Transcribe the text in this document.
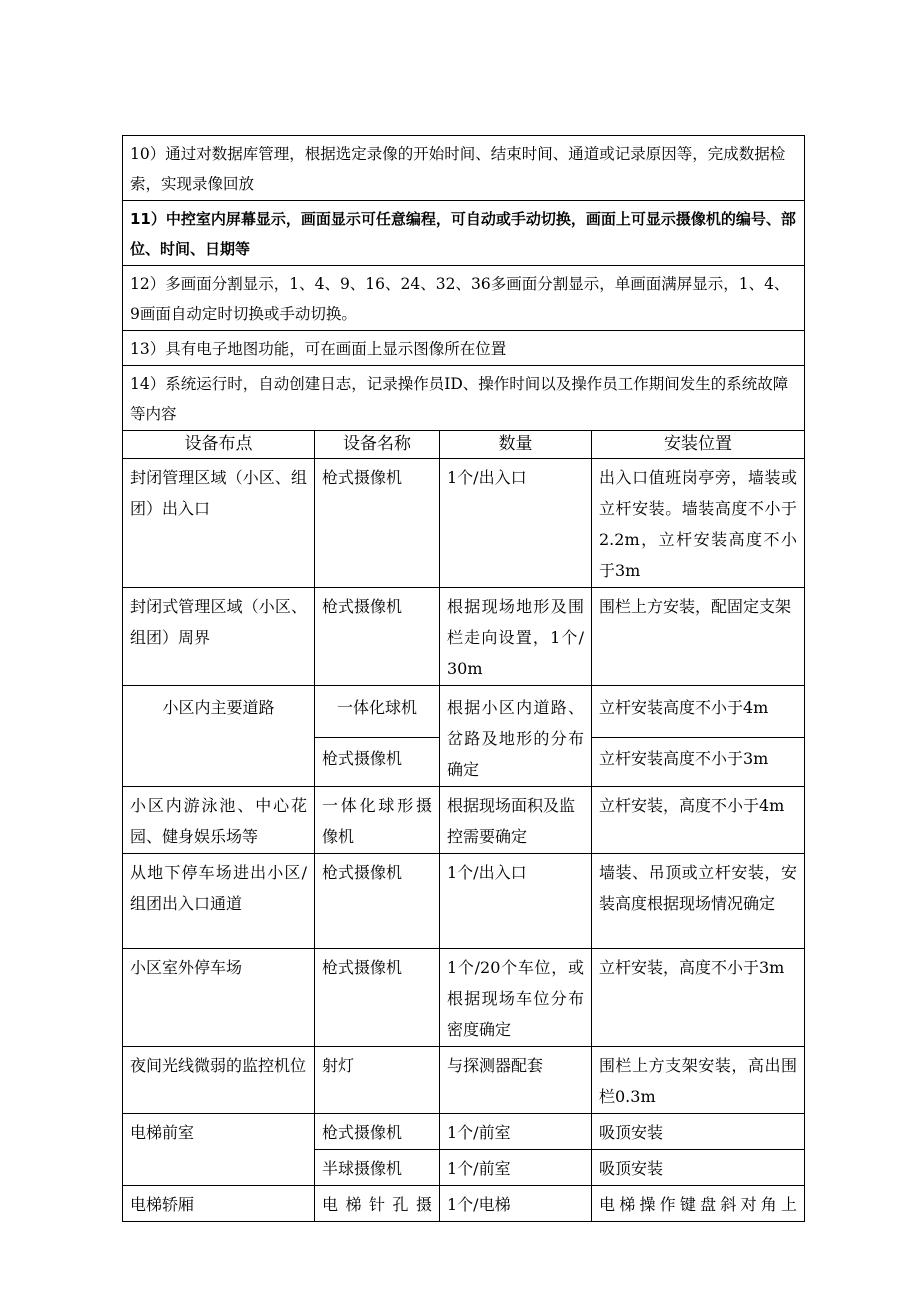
10）通过对数据库管理，根据选定录像的开始时间、结束时间、通道或记录原因等，完成数据检索，实现录像回放			
11）中控室内屏幕显示，画面显示可任意编程，可自动或手动切换，画面上可显示摄像机的编号、部位、时间、日期等			
12）多画面分割显示，1、4、9、16、24、32、36多画面分割显示，单画面满屏显示，1、4、9画面自动定时切换或手动切换。			
13）具有电子地图功能，可在画面上显示图像所在位置			
14）系统运行时，自动创建日志，记录操作员ID、操作时间以及操作员工作期间发生的系统故障等内容			
设备布点	设备名称	数量	安装位置
封闭管理区域（小区、组团）出入口	枪式摄像机	1个/出入口	出入口值班岗亭旁，墙装或立杆安装。墙装高度不小于2.2m，立杆安装高度不小于3m
封闭式管理区域（小区、组团）周界	枪式摄像机	根据现场地形及围栏走向设置，1个/30m	围栏上方安装，配固定支架
小区内主要道路	一体化球机	根据小区内道路、岔路及地形的分布确定	立杆安装高度不小于4m
	枪式摄像机		立杆安装高度不小于3m
小区内游泳池、中心花园、健身娱乐场等	一体化球形摄像机	根据现场面积及监控需要确定	立杆安装，高度不小于4m
从地下停车场进出小区/组团出入口通道	枪式摄像机	1个/出入口	墙装、吊顶或立杆安装，安装高度根据现场情况确定
小区室外停车场	枪式摄像机	1个/20个车位，或根据现场车位分布密度确定	立杆安装，高度不小于3m
夜间光线微弱的监控机位	射灯	与探测器配套	围栏上方支架安装，高出围栏0.3m
电梯前室	枪式摄像机	1个/前室	吸顶安装
	半球摄像机	1个/前室	吸顶安装
电梯轿厢	电梯针孔摄	1个/电梯	电梯操作键盘斜对角上
